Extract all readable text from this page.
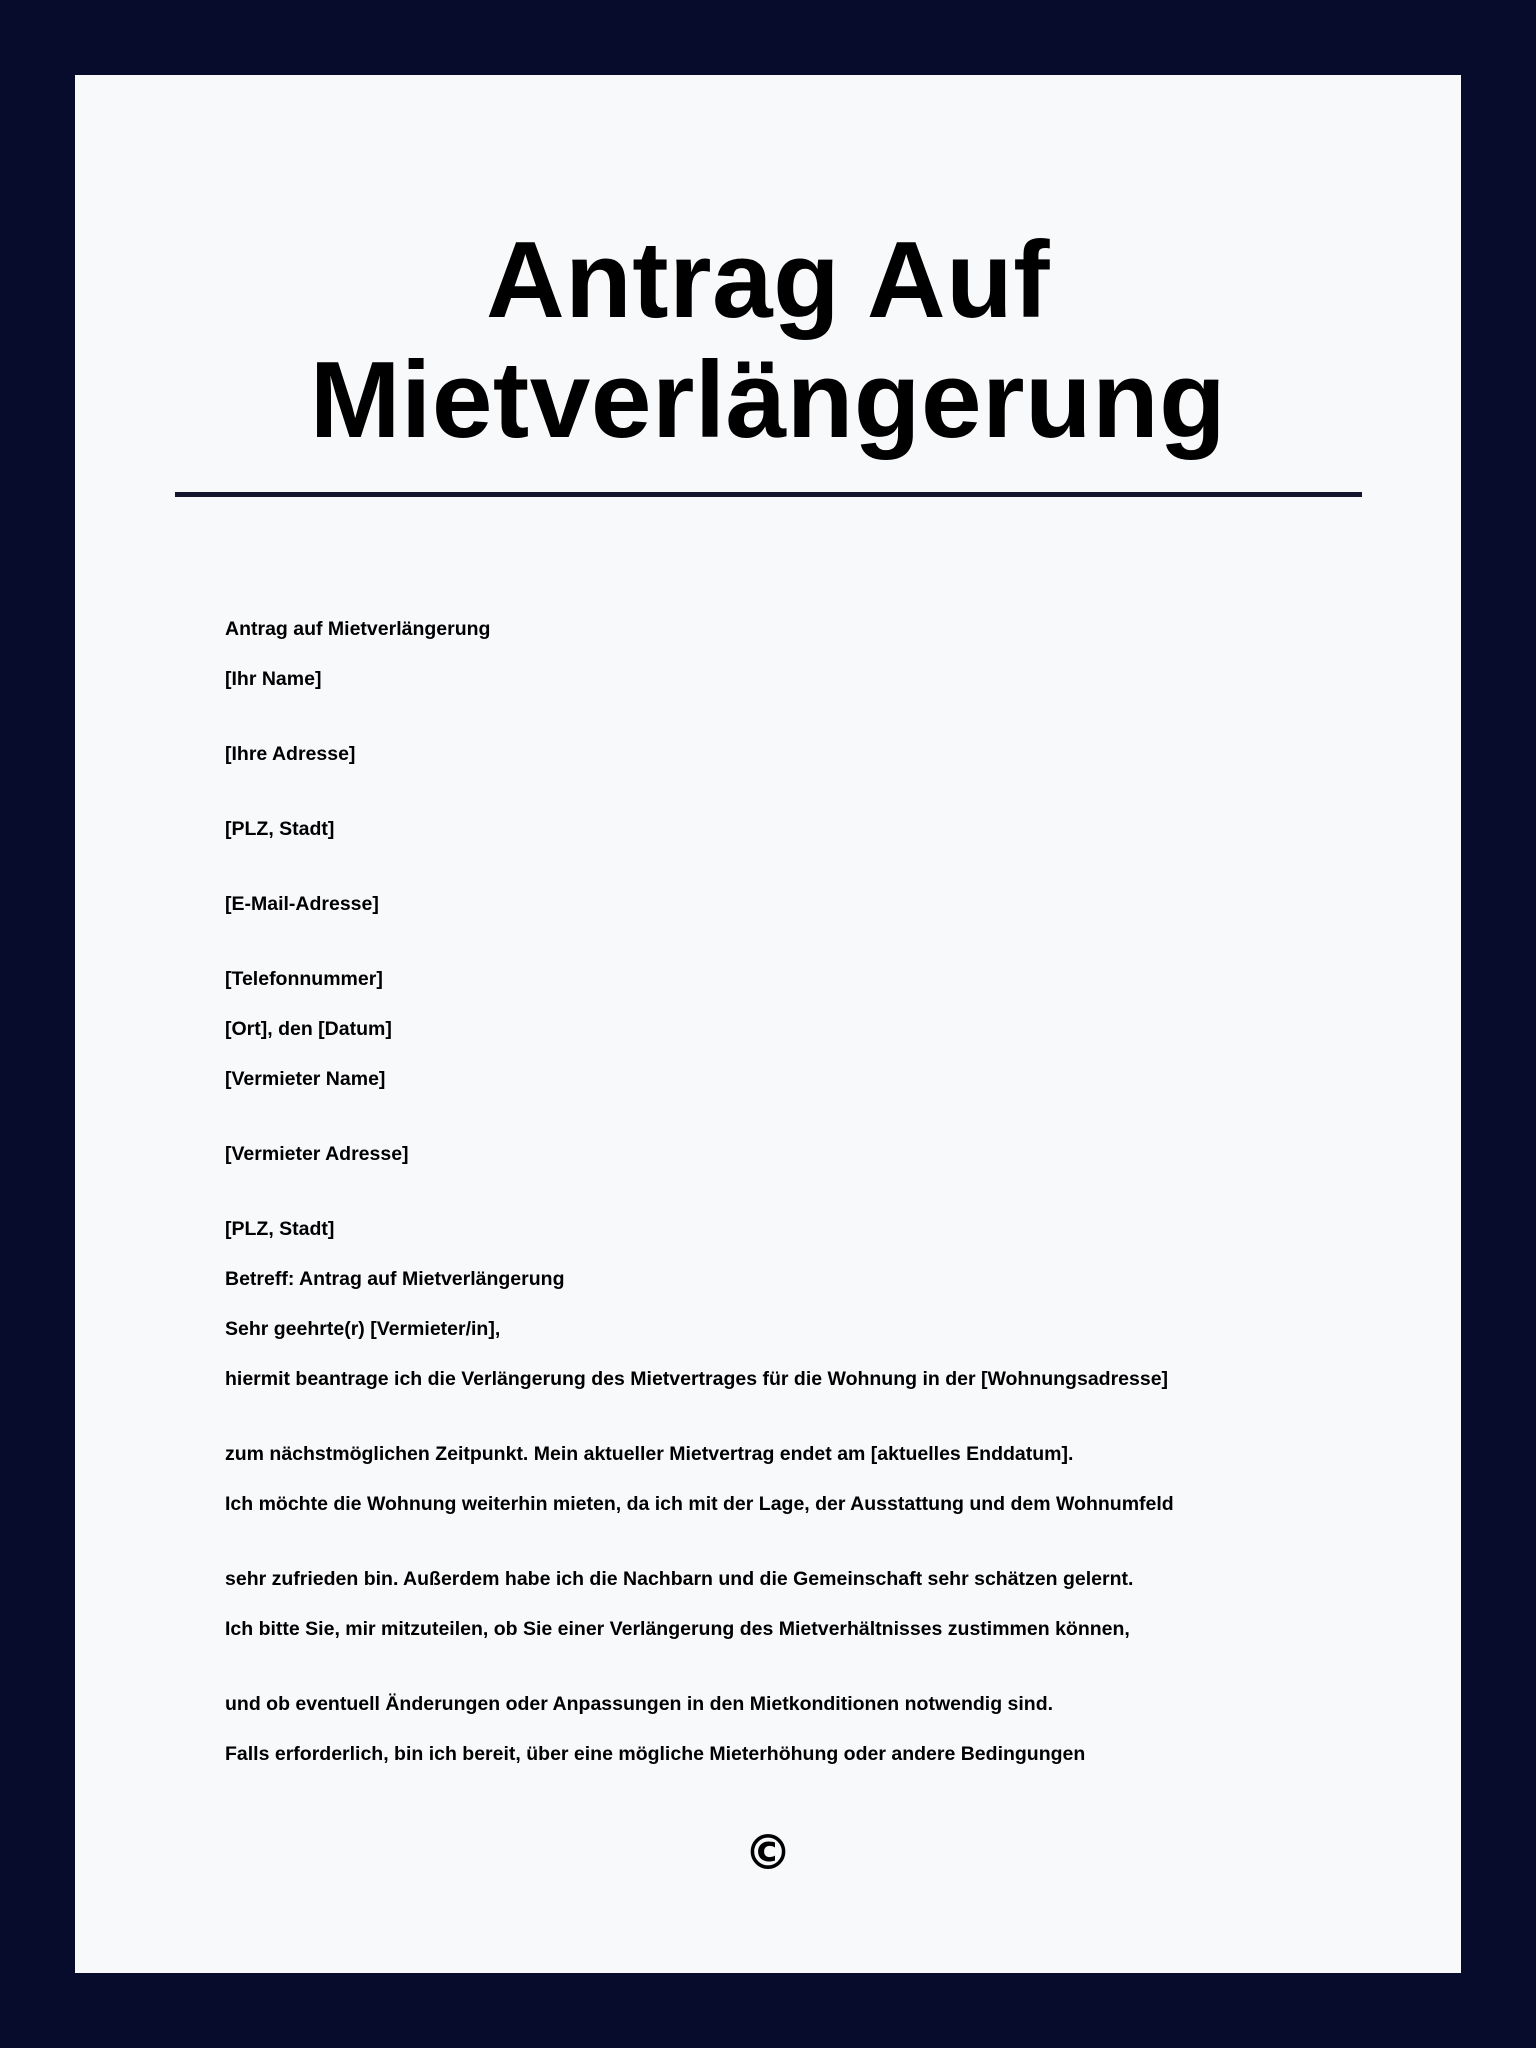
Antrag Auf
Mietverlängerung

Antrag auf Mietverlängerung

[Ihr Name]

[Ihre Adresse]

[PLZ, Stadt]

[E-Mail-Adresse]

[Telefonnummer]

[Ort], den [Datum]

[Vermieter Name]

[Vermieter Adresse]

[PLZ, Stadt]

Betreff: Antrag auf Mietverlängerung

Sehr geehrte(r) [Vermieter/in],

hiermit beantrage ich die Verlängerung des Mietvertrages für die Wohnung in der [Wohnungsadresse]

zum nächstmöglichen Zeitpunkt. Mein aktueller Mietvertrag endet am [aktuelles Enddatum].

Ich möchte die Wohnung weiterhin mieten, da ich mit der Lage, der Ausstattung und dem Wohnumfeld

sehr zufrieden bin. Außerdem habe ich die Nachbarn und die Gemeinschaft sehr schätzen gelernt.

Ich bitte Sie, mir mitzuteilen, ob Sie einer Verlängerung des Mietverhältnisses zustimmen können,

und ob eventuell Änderungen oder Anpassungen in den Mietkonditionen notwendig sind.

Falls erforderlich, bin ich bereit, über eine mögliche Mieterhöhung oder andere Bedingungen

©
